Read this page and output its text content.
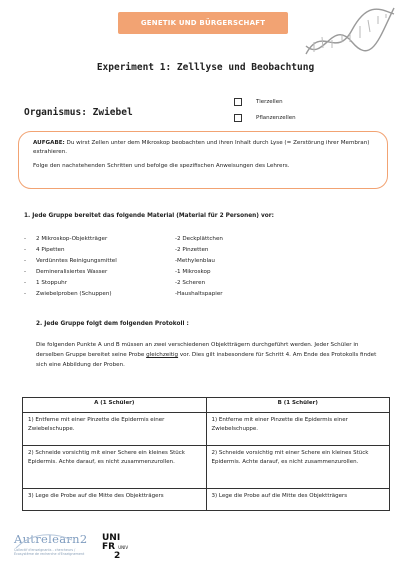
GENETIK UND BÜRGERSCHAFT
Experiment 1: Zelllyse und Beobachtung
Organismus: Zwiebel
Tierzellen
Pflanzenzellen

AUFGABE: Du wirst Zellen unter dem Mikroskop beobachten und ihren Inhalt durch Lyse (= Zerstörung ihrer Membran) extrahieren.

Folge den nachstehenden Schritten und befolge die spezifischen Anweisungen des Lehrers.

1. Jede Gruppe bereitet das folgende Material (Material für 2 Personen) vor:
-	2 Mikroskop-Objektträger	- 2 Deckplättchen
-	4 Pipetten	- 2 Pinzetten
-	Verdünntes Reinigungsmittel	- Methylenblau
-	Demineralisiertes Wasser	- 1 Mikroskop
-	1 Stoppuhr	- 2 Scheren
-	Zwiebelproben (Schuppen)	- Haushaltspapier
2. Jede Gruppe folgt dem folgenden Protokoll :
Die folgenden Punkte A und B müssen an zwei verschiedenen Objektträgern durchgeführt werden. Jeder Schüler in derselben Gruppe bereitet seine Probe gleichzeitig vor. Dies gilt insbesondere für Schritt 4. Am Ende des Protokolls findet sich eine Abbildung der Proben.
A (1 Schüler)	B (1 Schüler)
1) Entferne mit einer Pinzette die Epidermis einer Zwiebelschuppe.	1) Entferne mit einer Pinzette die Epidermis einer Zwiebelschuppe.
2) Schneide vorsichtig mit einer Schere ein kleines Stück Epidermis. Achte darauf, es nicht zusammenzurollen.	2) Schneide vorsichtig mit einer Schere ein kleines Stück Epidermis. Achte darauf, es nicht zusammenzurollen.
3) Lege die Probe auf die Mitte des Objektträgers	3) Lege die Probe auf die Mitte des Objektträgers
Autrelearn2
Collectif d'enseignants - chercheurs / Écosystème de recherche d'Enseignement
UNI
FR UNIV
2
